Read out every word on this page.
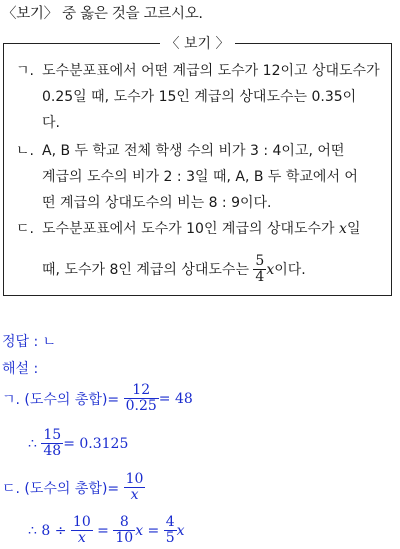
〈보기〉 중 옳은 것을 고르시오.
〈 보기 〉
ㄱ. 도수분포표에서 어떤 계급의 도수가 12이고 상대도수가
0.25일 때, 도수가 15인 계급의 상대도수는 0.35이
다.
ㄴ. A, B 두 학교 전체 학생 수의 비가 3 : 4이고, 어떤
계급의 도수의 비가 2 : 3일 때, A, B 두 학교에서 어
떤 계급의 상대도수의 비는 8 : 9이다.
ㄷ. 도수분포표에서 도수가 10인 계급의 상대도수가 x일
때, 도수가 8인 계급의 상대도수는 $\frac{5}{4}$ x이다.
정답 : ㄴ
해설 :
ㄱ. (도수의 총합)= $\frac{12}{0.25} = 48$
∴ $\frac{15}{48} = 0.3125$
ㄷ. (도수의 총합)= $\frac{10}{x}$
∴ $8 \div \frac{10}{x} = \frac{8}{10}$ $x = \frac{4}{5}$ x
